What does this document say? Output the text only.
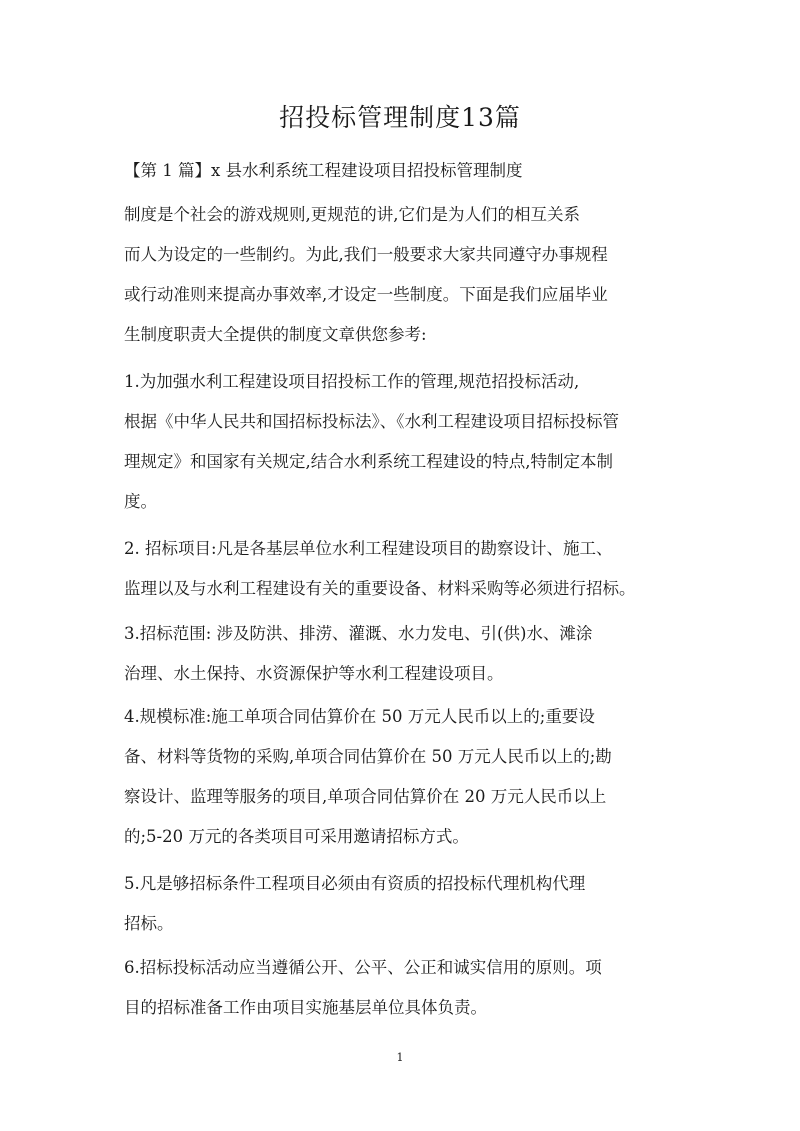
招投标管理制度13篇

【第 1 篇】x 县水利系统工程建设项目招投标管理制度

制度是个社会的游戏规则,更规范的讲,它们是为人们的相互关系
而人为设定的一些制约。为此,我们一般要求大家共同遵守办事规程
或行动准则来提高办事效率,才设定一些制度。下面是我们应届毕业
生制度职责大全提供的制度文章供您参考:
1.为加强水利工程建设项目招投标工作的管理,规范招投标活动,
根据《中华人民共和国招标投标法》、《水利工程建设项目招标投标管
理规定》和国家有关规定,结合水利系统工程建设的特点,特制定本制
度。
2. 招标项目:凡是各基层单位水利工程建设项目的勘察设计、施工、
监理以及与水利工程建设有关的重要设备、材料采购等必须进行招标。
3.招标范围: 涉及防洪、排涝、灌溉、水力发电、引(供)水、滩涂
治理、水土保持、水资源保护等水利工程建设项目。
4.规模标准:施工单项合同估算价在 50 万元人民币以上的;重要设
备、材料等货物的采购,单项合同估算价在 50 万元人民币以上的;勘
察设计、监理等服务的项目,单项合同估算价在 20 万元人民币以上
的;5-20 万元的各类项目可采用邀请招标方式。
5.凡是够招标条件工程项目必须由有资质的招投标代理机构代理
招标。
6.招标投标活动应当遵循公开、公平、公正和诚实信用的原则。项
目的招标准备工作由项目实施基层单位具体负责。
1
